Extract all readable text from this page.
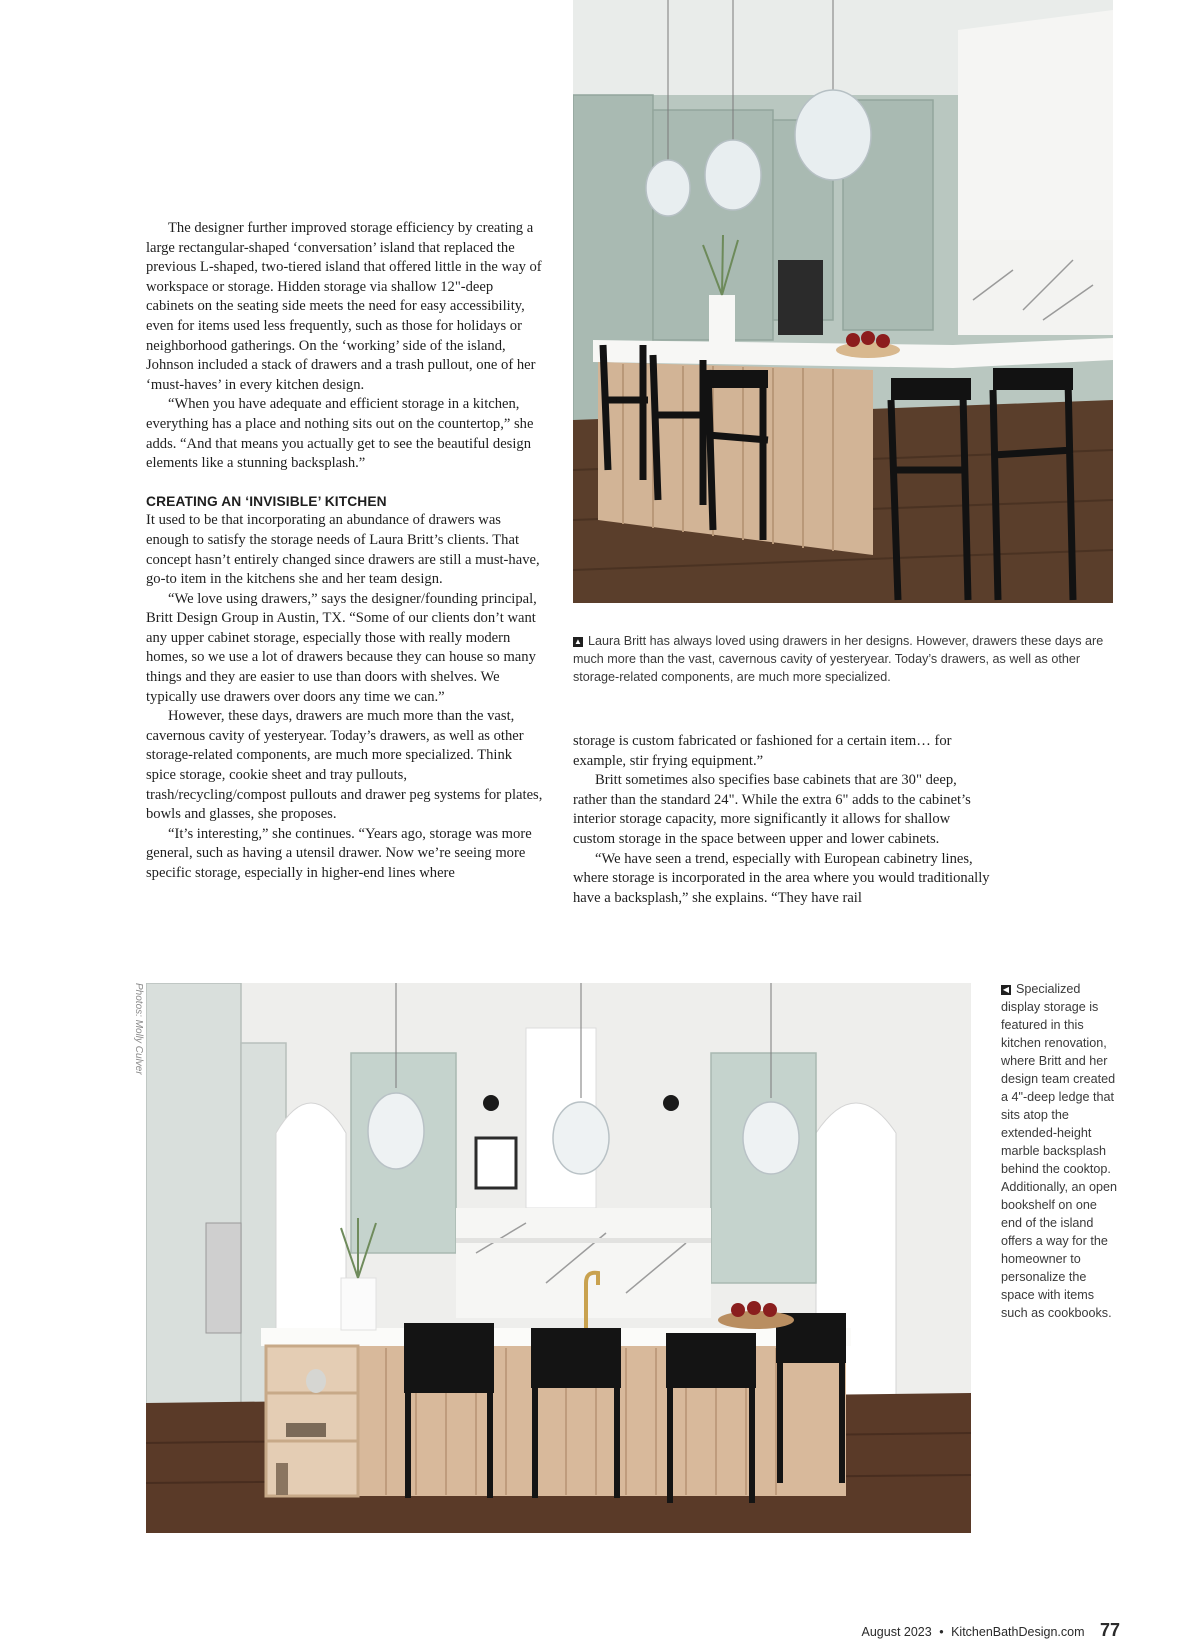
The designer further improved storage efficiency by creating a large rectangular-shaped ‘conversation’ island that replaced the previous L-shaped, two-tiered island that offered little in the way of workspace or storage. Hidden storage via shallow 12"-deep cabinets on the seating side meets the need for easy accessibility, even for items used less frequently, such as those for holidays or neighborhood gatherings. On the ‘working’ side of the island, Johnson included a stack of drawers and a trash pullout, one of her ‘must-haves’ in every kitchen design.

“When you have adequate and efficient storage in a kitchen, everything has a place and nothing sits out on the countertop,” she adds. “And that means you actually get to see the beautiful design elements like a stunning backsplash.”

CREATING AN ‘INVISIBLE’ KITCHEN

It used to be that incorporating an abundance of drawers was enough to satisfy the storage needs of Laura Britt’s clients. That concept hasn’t entirely changed since drawers are still a must-have, go-to item in the kitchens she and her team design.

“We love using drawers,” says the designer/founding principal, Britt Design Group in Austin, TX. “Some of our clients don’t want any upper cabinet storage, especially those with really modern homes, so we use a lot of drawers because they can house so many things and they are easier to use than doors with shelves. We typically use drawers over doors any time we can.”

However, these days, drawers are much more than the vast, cavernous cavity of yesteryear. Today’s drawers, as well as other storage-related components, are much more specialized. Think spice storage, cookie sheet and tray pullouts, trash/recycling/compost pullouts and drawer peg systems for plates, bowls and glasses, she proposes.

“It’s interesting,” she continues. “Years ago, storage was more general, such as having a utensil drawer. Now we’re seeing more specific storage, especially in higher-end lines where

▲ Laura Britt has always loved using drawers in her designs. However, drawers these days are much more than the vast, cavernous cavity of yesteryear. Today’s drawers, as well as other storage-related components, are much more specialized.

storage is custom fabricated or fashioned for a certain item… for example, stir frying equipment.”

Britt sometimes also specifies base cabinets that are 30" deep, rather than the standard 24". While the extra 6" adds to the cabinet’s interior storage capacity, more significantly it allows for shallow custom storage in the space between upper and lower cabinets.

“We have seen a trend, especially with European cabinetry lines, where storage is incorporated in the area where you would traditionally have a backsplash,” she explains. “They have rail

Photos: Molly Culver	◀ Specialized display storage is featured in this kitchen renovation, where Britt and her design team created a 4"-deep ledge that sits atop the extended-height marble backsplash behind the cooktop. Additionally, an open bookshelf on one end of the island offers a way for the homeowner to personalize the space with items such as cookbooks.
August 2023 • KitchenBathDesign.com 77
